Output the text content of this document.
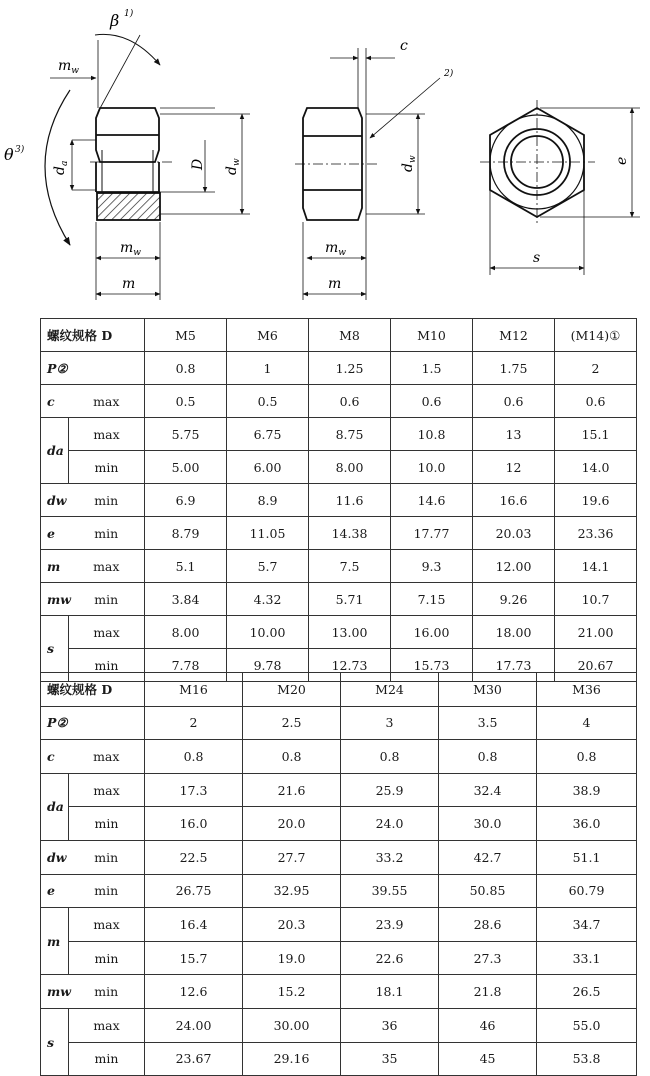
β 1)
θ 3)
$m_w$
$d_a$	D
$d_w$
$m_w$
m
c
2)
$d_w$
$m_w$
m
e
s
螺纹规格 D		M5	M6	M8	M10	M12	(M14)①
P②		0.8	1	1.25	1.5	1.75	2
c	max	0.5	0.5	0.6	0.6	0.6	0.6
da	max	5.75	6.75	8.75	10.8	13	15.1
	min	5.00	6.00	8.00	10.0	12	14.0
dw	min	6.9	8.9	11.6	14.6	16.6	19.6
e	min	8.79	11.05	14.38	17.77	20.03	23.36
m	max	5.1	5.7	7.5	9.3	12.00	14.1
mw	min	3.84	4.32	5.71	7.15	9.26	10.7
s	max	8.00	10.00	13.00	16.00	18.00	21.00
	min	7.78	9.78	12.73	15.73	17.73	20.67
螺纹规格 D		M16	M20	M24	M30	M36
P②		2	2.5	3	3.5	4
c	max	0.8	0.8	0.8	0.8	0.8
da	max	17.3	21.6	25.9	32.4	38.9
	min	16.0	20.0	24.0	30.0	36.0
dw	min	22.5	27.7	33.2	42.7	51.1
e	min	26.75	32.95	39.55	50.85	60.79
m	max	16.4	20.3	23.9	28.6	34.7
	min	15.7	19.0	22.6	27.3	33.1
mw	min	12.6	15.2	18.1	21.8	26.5
s	max	24.00	30.00	36	46	55.0
	min	23.67	29.16	35	45	53.8
